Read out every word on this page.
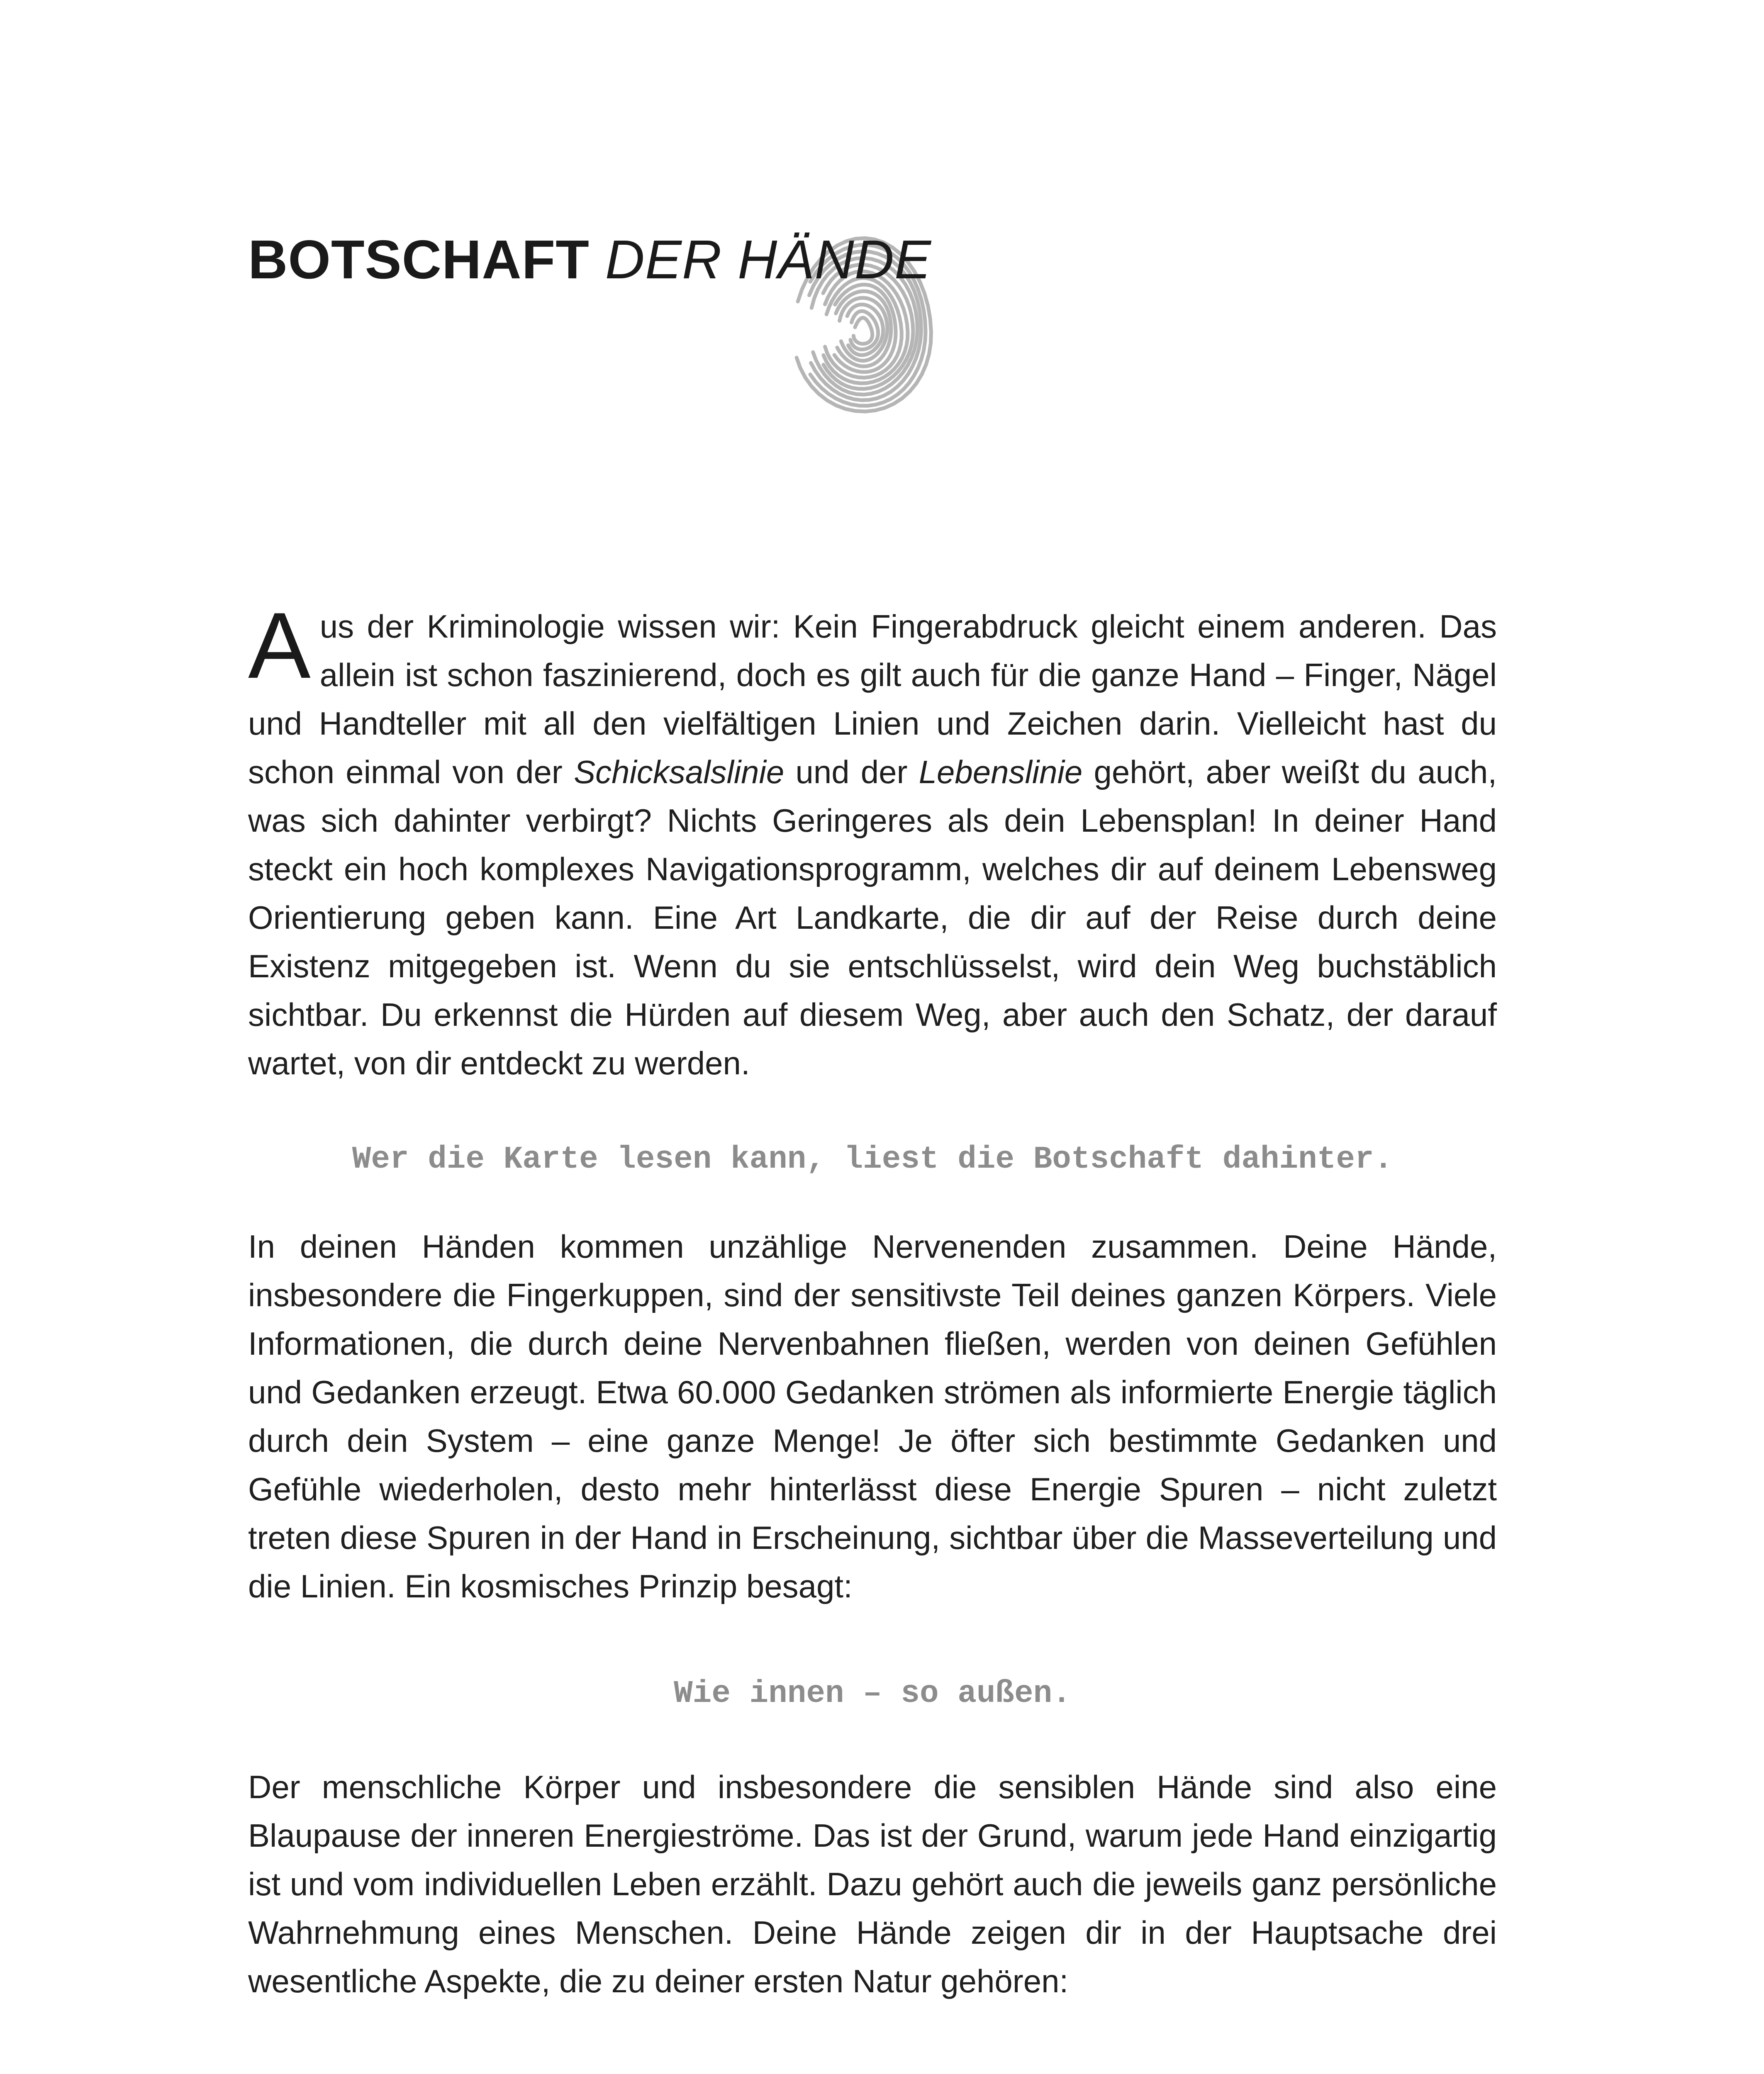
BOTSCHAFT DER HÄNDE

Aus der Kriminologie wissen wir: Kein Fingerabdruck gleicht einem anderen. Das allein ist schon faszinierend, doch es gilt auch für die ganze Hand – Finger, Nägel und Handteller mit all den vielfältigen Linien und Zeichen darin. Vielleicht hast du schon einmal von der Schicksalslinie und der Lebenslinie gehört, aber weißt du auch, was sich dahinter verbirgt? Nichts Geringeres als dein Lebensplan! In deiner Hand steckt ein hoch komplexes Navigationsprogramm, welches dir auf deinem Lebensweg Orientierung geben kann. Eine Art Landkarte, die dir auf der Reise durch deine Existenz mitgegeben ist. Wenn du sie entschlüsselst, wird dein Weg buchstäblich sichtbar. Du erkennst die Hürden auf diesem Weg, aber auch den Schatz, der darauf wartet, von dir entdeckt zu werden.

Wer die Karte lesen kann, liest die Botschaft dahinter.

In deinen Händen kommen unzählige Nervenenden zusammen. Deine Hände, insbesondere die Fingerkuppen, sind der sensitivste Teil deines ganzen Körpers. Viele Informationen, die durch deine Nervenbahnen fließen, werden von deinen Gefühlen und Gedanken erzeugt. Etwa 60.000 Gedanken strömen als informierte Energie täglich durch dein System – eine ganze Menge! Je öfter sich bestimmte Gedanken und Gefühle wiederholen, desto mehr hinterlässt diese Energie Spuren – nicht zuletzt treten diese Spuren in der Hand in Erscheinung, sichtbar über die Masseverteilung und die Linien. Ein kosmisches Prinzip besagt:

Wie innen – so außen.

Der menschliche Körper und insbesondere die sensiblen Hände sind also eine Blaupause der inneren Energieströme. Das ist der Grund, warum jede Hand einzigartig ist und vom individuellen Leben erzählt. Dazu gehört auch die jeweils ganz persönliche Wahrnehmung eines Menschen. Deine Hände zeigen dir in der Hauptsache drei wesentliche Aspekte, die zu deiner ersten Natur gehören:
